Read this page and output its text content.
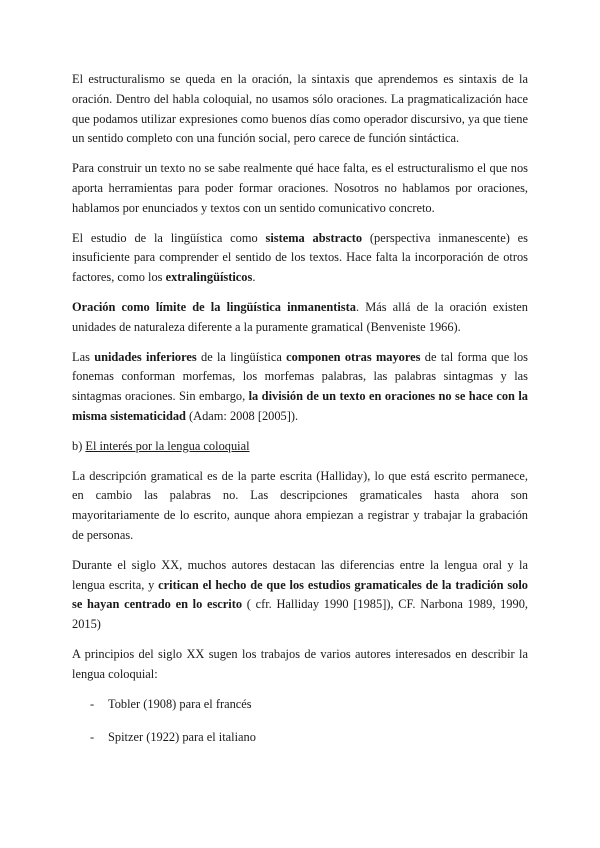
El estructuralismo se queda en la oración, la sintaxis que aprendemos es sintaxis de la oración. Dentro del habla coloquial, no usamos sólo oraciones. La pragmaticalización hace que podamos utilizar expresiones como buenos días como operador discursivo, ya que tiene un sentido completo con una función social, pero carece de función sintáctica.

Para construir un texto no se sabe realmente qué hace falta, es el estructuralismo el que nos aporta herramientas para poder formar oraciones. Nosotros no hablamos por oraciones, hablamos por enunciados y textos con un sentido comunicativo concreto.

El estudio de la lingüística como sistema abstracto (perspectiva inmanescente) es insuficiente para comprender el sentido de los textos. Hace falta la incorporación de otros factores, como los extralingüísticos.

Oración como límite de la lingüística inmanentista. Más allá de la oración existen unidades de naturaleza diferente a la puramente gramatical (Benveniste 1966).

Las unidades inferiores de la lingüística componen otras mayores de tal forma que los fonemas conforman morfemas, los morfemas palabras, las palabras sintagmas y las sintagmas oraciones. Sin embargo, la división de un texto en oraciones no se hace con la misma sistematicidad (Adam: 2008 [2005]).

b) El interés por la lengua coloquial

La descripción gramatical es de la parte escrita (Halliday), lo que está escrito permanece, en cambio las palabras no. Las descripciones gramaticales hasta ahora son mayoritariamente de lo escrito, aunque ahora empiezan a registrar y trabajar la grabación de personas.

Durante el siglo XX, muchos autores destacan las diferencias entre la lengua oral y la lengua escrita, y critican el hecho de que los estudios gramaticales de la tradición solo se hayan centrado en lo escrito ( cfr. Halliday 1990 [1985]), CF. Narbona 1989, 1990, 2015)

A principios del siglo XX sugen los trabajos de varios autores interesados en describir la lengua coloquial:

- Tobler (1908) para el francés
- Spitzer (1922) para el italiano
